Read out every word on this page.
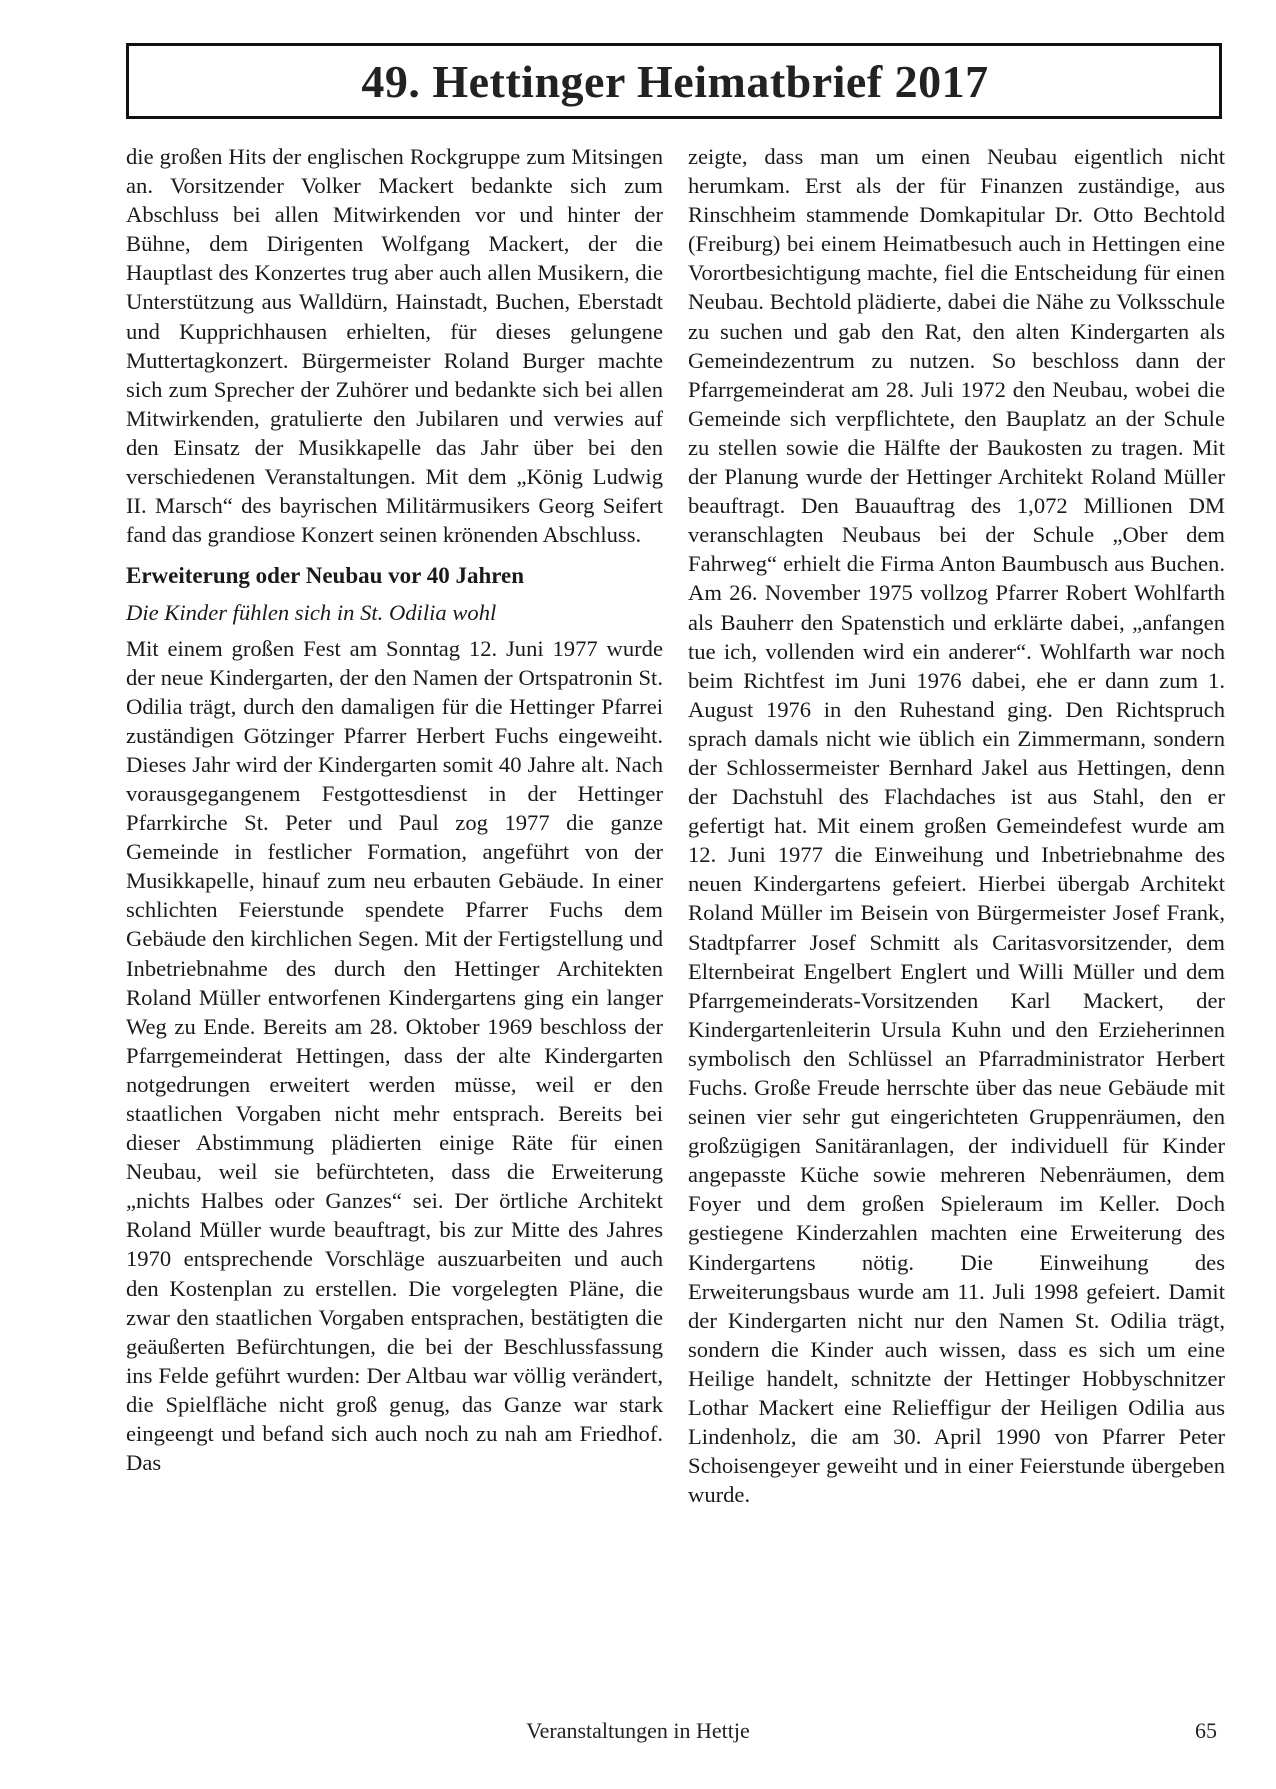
49. Hettinger Heimatbrief 2017

die großen Hits der englischen Rockgruppe zum Mitsingen an. Vorsitzender Volker Mackert bedankte sich zum Abschluss bei allen Mitwirkenden vor und hinter der Bühne, dem Dirigenten Wolfgang Mackert, der die Hauptlast des Konzertes trug aber auch allen Musikern, die Unterstützung aus Walldürn, Hainstadt, Buchen, Eberstadt und Kupprichhausen erhielten, für dieses gelungene Muttertagkonzert. Bürgermeister Roland Burger machte sich zum Sprecher der Zuhörer und bedankte sich bei allen Mitwirkenden, gratulierte den Jubilaren und verwies auf den Einsatz der Musikkapelle das Jahr über bei den verschiedenen Veranstaltungen. Mit dem „König Ludwig II. Marsch“ des bayrischen Militärmusikers Georg Seifert fand das grandiose Konzert seinen krönenden Abschluss.

Erweiterung oder Neubau vor 40 Jahren

Die Kinder fühlen sich in St. Odilia wohl

Mit einem großen Fest am Sonntag 12. Juni 1977 wurde der neue Kindergarten, der den Namen der Ortspatronin St. Odilia trägt, durch den damaligen für die Hettinger Pfarrei zuständigen Götzinger Pfarrer Herbert Fuchs eingeweiht. Dieses Jahr wird der Kindergarten somit 40 Jahre alt. Nach vorausgegangenem Festgottesdienst in der Hettinger Pfarrkirche St. Peter und Paul zog 1977 die ganze Gemeinde in festlicher Formation, angeführt von der Musikkapelle, hinauf zum neu erbauten Gebäude. In einer schlichten Feierstunde spendete Pfarrer Fuchs dem Gebäude den kirchlichen Segen. Mit der Fertigstellung und Inbetriebnahme des durch den Hettinger Architekten Roland Müller entworfenen Kindergartens ging ein langer Weg zu Ende. Bereits am 28. Oktober 1969 beschloss der Pfarrgemeinderat Hettingen, dass der alte Kindergarten notgedrungen erweitert werden müsse, weil er den staatlichen Vorgaben nicht mehr entsprach. Bereits bei dieser Abstimmung plädierten einige Räte für einen Neubau, weil sie befürchteten, dass die Erweiterung „nichts Halbes oder Ganzes“ sei. Der örtliche Architekt Roland Müller wurde beauftragt, bis zur Mitte des Jahres 1970 entsprechende Vorschläge auszuarbeiten und auch den Kostenplan zu erstellen. Die vorgelegten Pläne, die zwar den staatlichen Vorgaben entsprachen, bestätigten die geäußerten Befürchtungen, die bei der Beschlussfassung ins Felde geführt wurden: Der Altbau war völlig verändert, die Spielfläche nicht groß genug, das Ganze war stark eingeengt und befand sich auch noch zu nah am Friedhof. Das

zeigte, dass man um einen Neubau eigentlich nicht herumkam. Erst als der für Finanzen zuständige, aus Rinschheim stammende Domkapitular Dr. Otto Bechtold (Freiburg) bei einem Heimatbesuch auch in Hettingen eine Vorortbesichtigung machte, fiel die Entscheidung für einen Neubau. Bechtold plädierte, dabei die Nähe zu Volksschule zu suchen und gab den Rat, den alten Kindergarten als Gemeindezentrum zu nutzen. So beschloss dann der Pfarrgemeinderat am 28. Juli 1972 den Neubau, wobei die Gemeinde sich verpflichtete, den Bauplatz an der Schule zu stellen sowie die Hälfte der Baukosten zu tragen. Mit der Planung wurde der Hettinger Architekt Roland Müller beauftragt. Den Bauauftrag des 1,072 Millionen DM veranschlagten Neubaus bei der Schule „Ober dem Fahrweg“ erhielt die Firma Anton Baumbusch aus Buchen. Am 26. November 1975 vollzog Pfarrer Robert Wohlfarth als Bauherr den Spatenstich und erklärte dabei, „anfangen tue ich, vollenden wird ein anderer“. Wohlfarth war noch beim Richtfest im Juni 1976 dabei, ehe er dann zum 1. August 1976 in den Ruhestand ging. Den Richtspruch sprach damals nicht wie üblich ein Zimmermann, sondern der Schlossermeister Bernhard Jakel aus Hettingen, denn der Dachstuhl des Flachdaches ist aus Stahl, den er gefertigt hat. Mit einem großen Gemeindefest wurde am 12. Juni 1977 die Einweihung und Inbetriebnahme des neuen Kindergartens gefeiert. Hierbei übergab Architekt Roland Müller im Beisein von Bürgermeister Josef Frank, Stadtpfarrer Josef Schmitt als Caritasvorsitzender, dem Elternbeirat Engelbert Englert und Willi Müller und dem Pfarrgemeinderats-Vorsitzenden Karl Mackert, der Kindergartenleiterin Ursula Kuhn und den Erzieherinnen symbolisch den Schlüssel an Pfarradministrator Herbert Fuchs. Große Freude herrschte über das neue Gebäude mit seinen vier sehr gut eingerichteten Gruppenräumen, den großzügigen Sanitäranlagen, der individuell für Kinder angepasste Küche sowie mehreren Nebenräumen, dem Foyer und dem großen Spieleraum im Keller. Doch gestiegene Kinderzahlen machten eine Erweiterung des Kindergartens nötig. Die Einweihung des Erweiterungsbaus wurde am 11. Juli 1998 gefeiert. Damit der Kindergarten nicht nur den Namen St. Odilia trägt, sondern die Kinder auch wissen, dass es sich um eine Heilige handelt, schnitzte der Hettinger Hobbyschnitzer Lothar Mackert eine Relieffigur der Heiligen Odilia aus Lindenholz, die am 30. April 1990 von Pfarrer Peter Schoisengeyer geweiht und in einer Feierstunde übergeben wurde.

Veranstaltungen in Hettje	65
